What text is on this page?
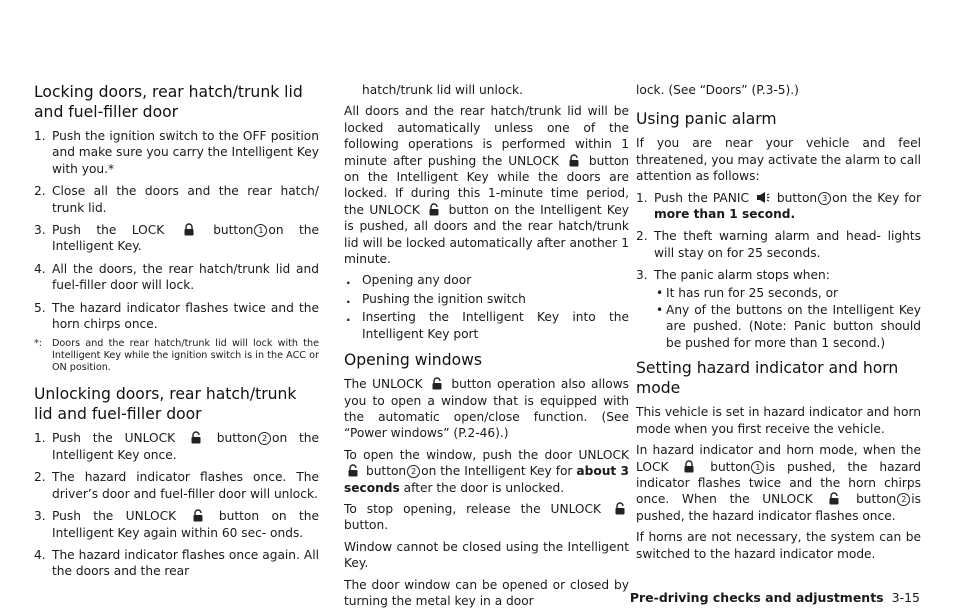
Locking doors, rear hatch/trunk lid and fuel-filler door
1. Push the ignition switch to the OFF position and make sure you carry the Intelligent Key with you.*
2. Close all the doors and the rear hatch/ trunk lid.
3. Push the LOCK	button 1 on the Intelligent Key.
4. All the doors, the rear hatch/trunk lid and fuel-filler door will lock.
5. The hazard indicator flashes twice and the horn chirps once.
*: Doors and the rear hatch/trunk lid will lock with the Intelligent Key while the ignition switch is in the ACC or ON position.
Unlocking doors, rear hatch/trunk lid and fuel-filler door
1. Push the UNLOCK	button 2 on the Intelligent Key once.
2. The hazard indicator flashes once. The driver’s door and fuel-filler door will unlock.
3. Push the UNLOCK	button on the Intelligent Key again within 60 sec- onds.
4. The hazard indicator flashes once again. All the doors and the rear

hatch/trunk lid will unlock.

All doors and the rear hatch/trunk lid will be locked automatically unless one of the following operations is performed within 1 minute after pushing the UNLOCK button on the Intelligent Key while the doors are locked. If during this 1-minute time period, the UNLOCK button on the Intelligent Key is pushed, all doors and the rear hatch/trunk lid will be locked automatically after another 1 minute.

. Opening any door
. Pushing the ignition switch
. Inserting the Intelligent Key into the Intelligent Key port
Opening windows

The UNLOCK button operation also allows you to open a window that is equipped with the automatic open/close function. (See “Power windows” (P.2-46).)

To open the window, push the door UNLOCK  button 2 on the Intelligent Key for about 3 seconds after the door is unlocked.

To stop opening, release the UNLOCK  button.

Window cannot be closed using the Intelligent Key.

The door window can be opened or closed by turning the metal key in a door

lock. (See “Doors” (P.3-5).)

Using panic alarm

If you are near your vehicle and feel threatened, you may activate the alarm to call attention as follows:

1. Push the PANIC button 3 on the Key for more than 1 second.
2. The theft warning alarm and head- lights will stay on for 25 seconds.
3. The panic alarm stops when:
• It has run for 25 seconds, or
• Any of the buttons on the Intelligent Key are pushed. (Note: Panic button should be pushed for more than 1 second.)
Setting hazard indicator and horn mode

This vehicle is set in hazard indicator and horn mode when you first receive the vehicle.

In hazard indicator and horn mode, when the LOCK	button 1 is pushed, the hazard indicator flashes twice and the horn chirps once. When the UNLOCK	button 2 is pushed, the hazard indicator flashes once.

If horns are not necessary, the system can be switched to the hazard indicator mode.

Pre-driving checks and adjustments 3-15
